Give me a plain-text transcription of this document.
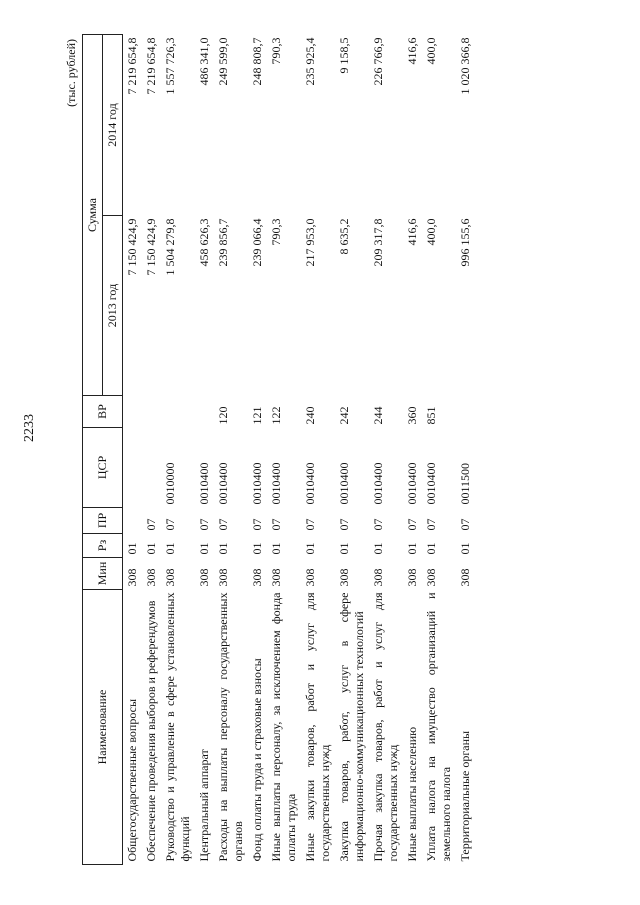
2233
(тыс. рублей)
Наименование	Мин	Рз	ПР	ЦСР	ВР	Сумма	
						2013 год	2014 год
Общегосударственные вопросы	308	01				7 150 424,9	7 219 654,8
Обеспечение проведения выборов и референдумов	308	01	07			7 150 424,9	7 219 654,8
Руководство и управление в сфере установленных функций	308	01	07	0010000		1 504 279,8	1 557 726,3
Центральный аппарат	308	01	07	0010400		458 626,3	486 341,0
Расходы на выплаты персоналу государственных органов	308	01	07	0010400	120	239 856,7	249 599,0
Фонд оплаты труда и страховые взносы	308	01	07	0010400	121	239 066,4	248 808,7
Иные выплаты персоналу, за исключением фонда оплаты труда	308	01	07	0010400	122	790,3	790,3
Иные закупки товаров, работ и услуг для государственных нужд	308	01	07	0010400	240	217 953,0	235 925,4
Закупка товаров, работ, услуг в сфере информационно-коммуникационных технологий	308	01	07	0010400	242	8 635,2	9 158,5
Прочая закупка товаров, работ и услуг для государственных нужд	308	01	07	0010400	244	209 317,8	226 766,9
Иные выплаты населению	308	01	07	0010400	360	416,6	416,6
Уплата налога на имущество организаций и земельного налога	308	01	07	0010400	851	400,0	400,0
Территориальные органы	308	01	07	0011500		996 155,6	1 020 366,8
